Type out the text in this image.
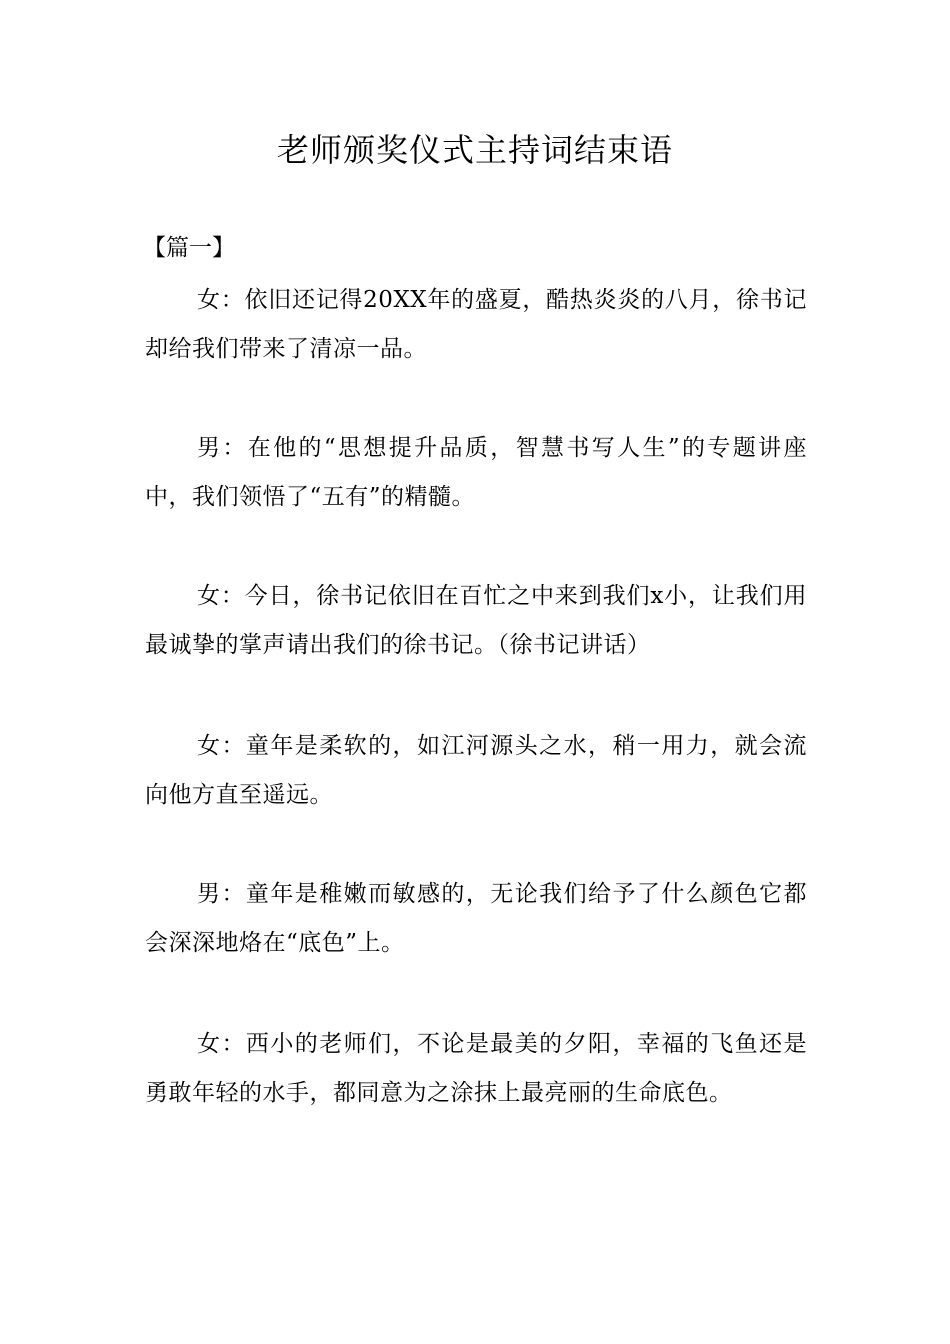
老师颁奖仪式主持词结束语
【篇一】

女：依旧还记得20XX年的盛夏，酷热炎炎的八月，徐书记却给我们带来了清凉一品。

男：在他的“思想提升品质，智慧书写人生”的专题讲座中，我们领悟了“五有”的精髓。

女：今日，徐书记依旧在百忙之中来到我们x小，让我们用最诚挚的掌声请出我们的徐书记。（徐书记讲话）

女：童年是柔软的，如江河源头之水，稍一用力，就会流向他方直至遥远。

男：童年是稚嫩而敏感的，无论我们给予了什么颜色它都会深深地烙在“底色”上。

女：西小的老师们，不论是最美的夕阳，幸福的飞鱼还是勇敢年轻的水手，都同意为之涂抹上最亮丽的生命底色。
